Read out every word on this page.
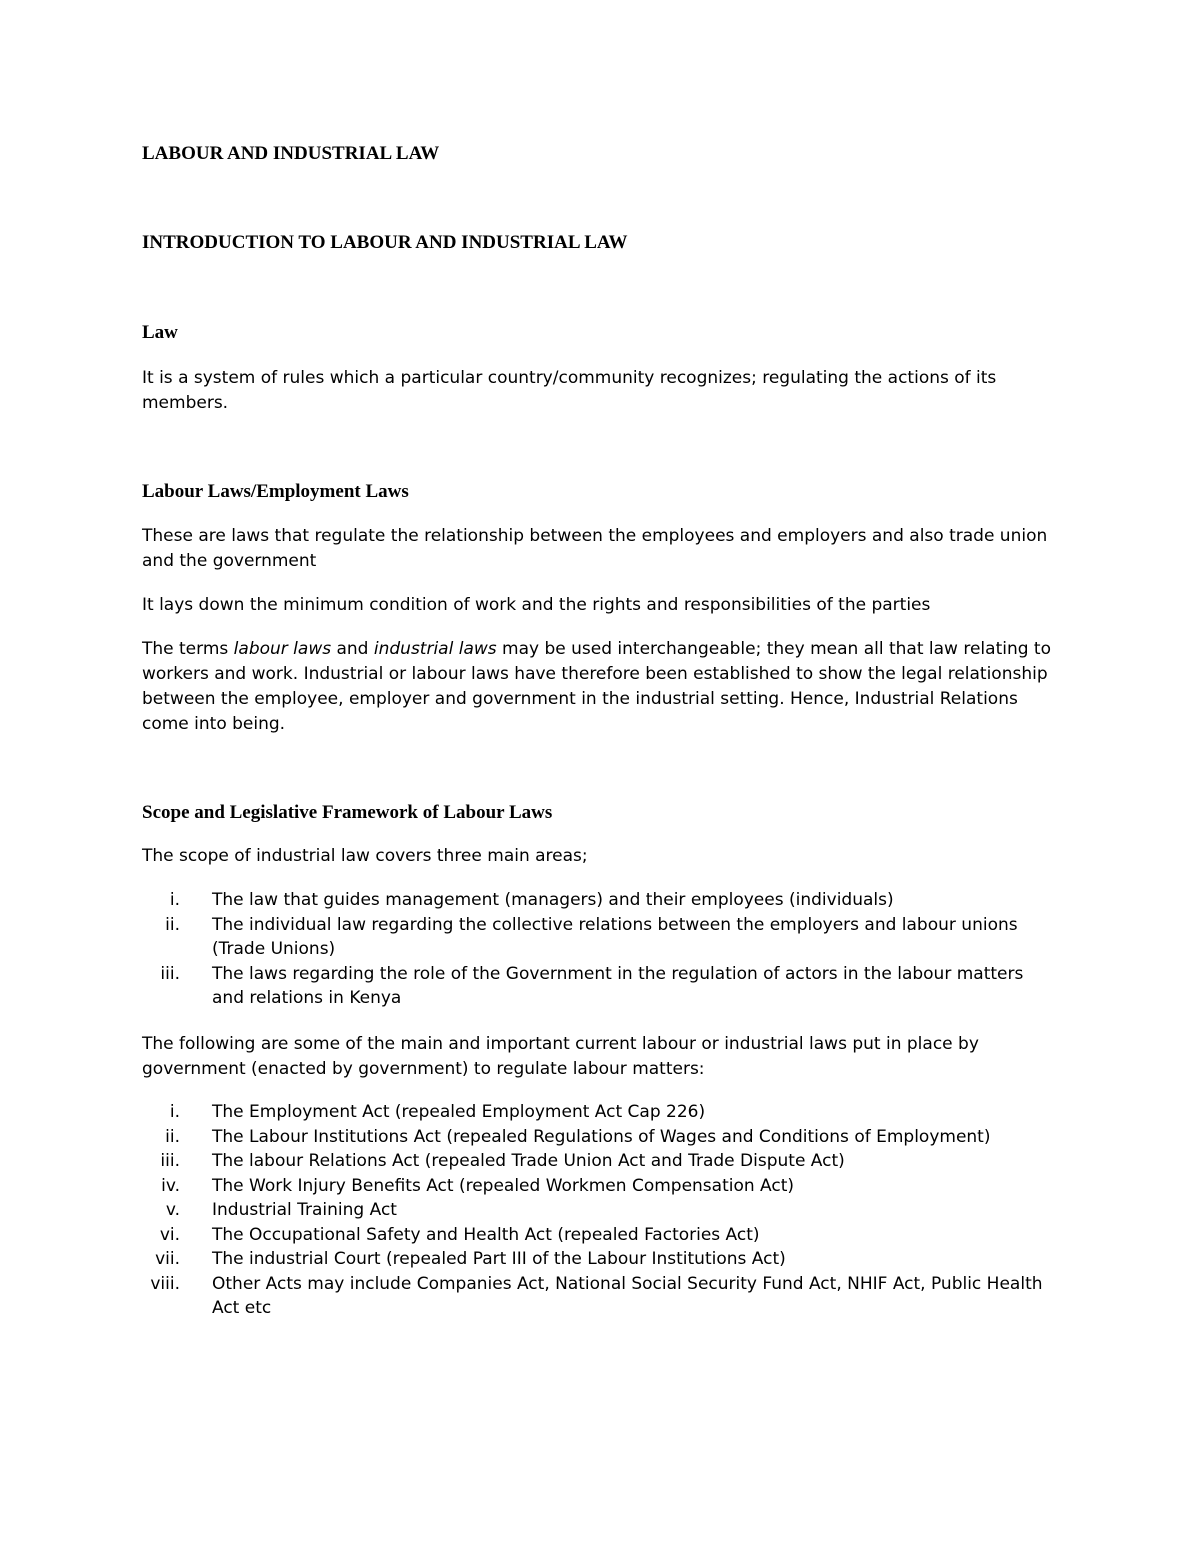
LABOUR AND INDUSTRIAL LAW
INTRODUCTION TO LABOUR AND INDUSTRIAL LAW
Law

It is a system of rules which a particular country/community recognizes; regulating the actions of its members.

Labour Laws/Employment Laws

These are laws that regulate the relationship between the employees and employers and also trade union and the government

It lays down the minimum condition of work and the rights and responsibilities of the parties

The terms labour laws and industrial laws may be used interchangeable; they mean all that law relating to workers and work. Industrial or labour laws have therefore been established to show the legal relationship between the employee, employer and government in the industrial setting. Hence, Industrial Relations come into being.

Scope and Legislative Framework of Labour Laws

The scope of industrial law covers three main areas;

i. The law that guides management (managers) and their employees (individuals)
ii. The individual law regarding the collective relations between the employers and labour unions (Trade Unions)
iii. The laws regarding the role of the Government in the regulation of actors in the labour matters and relations in Kenya

The following are some of the main and important current labour or industrial laws put in place by government (enacted by government) to regulate labour matters:

i. The Employment Act (repealed Employment Act Cap 226)
ii. The Labour Institutions Act (repealed Regulations of Wages and Conditions of Employment)
iii. The labour Relations Act (repealed Trade Union Act and Trade Dispute Act)
iv. The Work Injury Benefits Act (repealed Workmen Compensation Act)
v. Industrial Training Act
vi. The Occupational Safety and Health Act (repealed Factories Act)
vii. The industrial Court (repealed Part III of the Labour Institutions Act)
viii. Other Acts may include Companies Act, National Social Security Fund Act, NHIF Act, Public Health Act etc
